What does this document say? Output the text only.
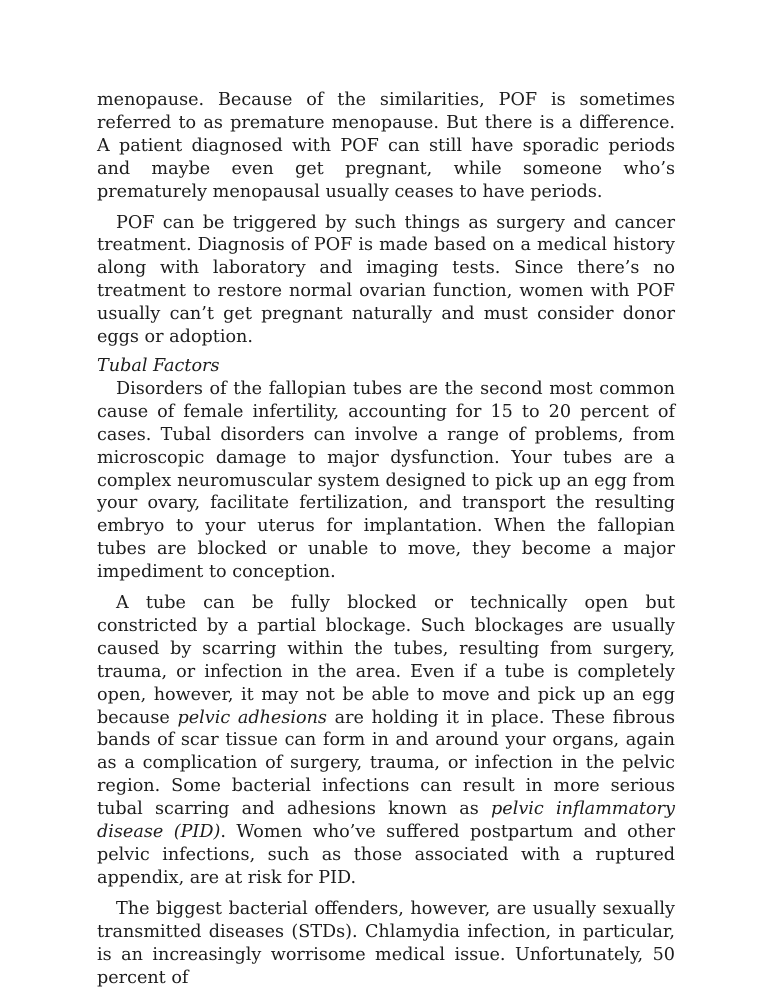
menopause. Because of the similarities, POF is sometimes referred to as premature menopause. But there is a difference. A patient diagnosed with POF can still have sporadic periods and maybe even get pregnant, while someone who’s prematurely menopausal usually ceases to have periods.

POF can be triggered by such things as surgery and cancer treatment. Diagnosis of POF is made based on a medical history along with laboratory and imaging tests. Since there’s no treatment to restore normal ovarian function, women with POF usually can’t get pregnant naturally and must consider donor eggs or adoption.

Tubal Factors

Disorders of the fallopian tubes are the second most common cause of female infertility, accounting for 15 to 20 percent of cases. Tubal disorders can involve a range of problems, from microscopic damage to major dysfunction. Your tubes are a complex neuromuscular system designed to pick up an egg from your ovary, facilitate fertilization, and transport the resulting embryo to your uterus for implantation. When the fallopian tubes are blocked or unable to move, they become a major impediment to conception.

A tube can be fully blocked or technically open but constricted by a partial blockage. Such blockages are usually caused by scarring within the tubes, resulting from surgery, trauma, or infection in the area. Even if a tube is completely open, however, it may not be able to move and pick up an egg because pelvic adhesions are holding it in place. These fibrous bands of scar tissue can form in and around your organs, again as a complication of surgery, trauma, or infection in the pelvic region. Some bacterial infections can result in more serious tubal scarring and adhesions known as pelvic inflammatory disease (PID). Women who’ve suffered postpartum and other pelvic infections, such as those associated with a ruptured appendix, are at risk for PID.

The biggest bacterial offenders, however, are usually sexually transmitted diseases (STDs). Chlamydia infection, in particular, is an increasingly worrisome medical issue. Unfortunately, 50 percent of
